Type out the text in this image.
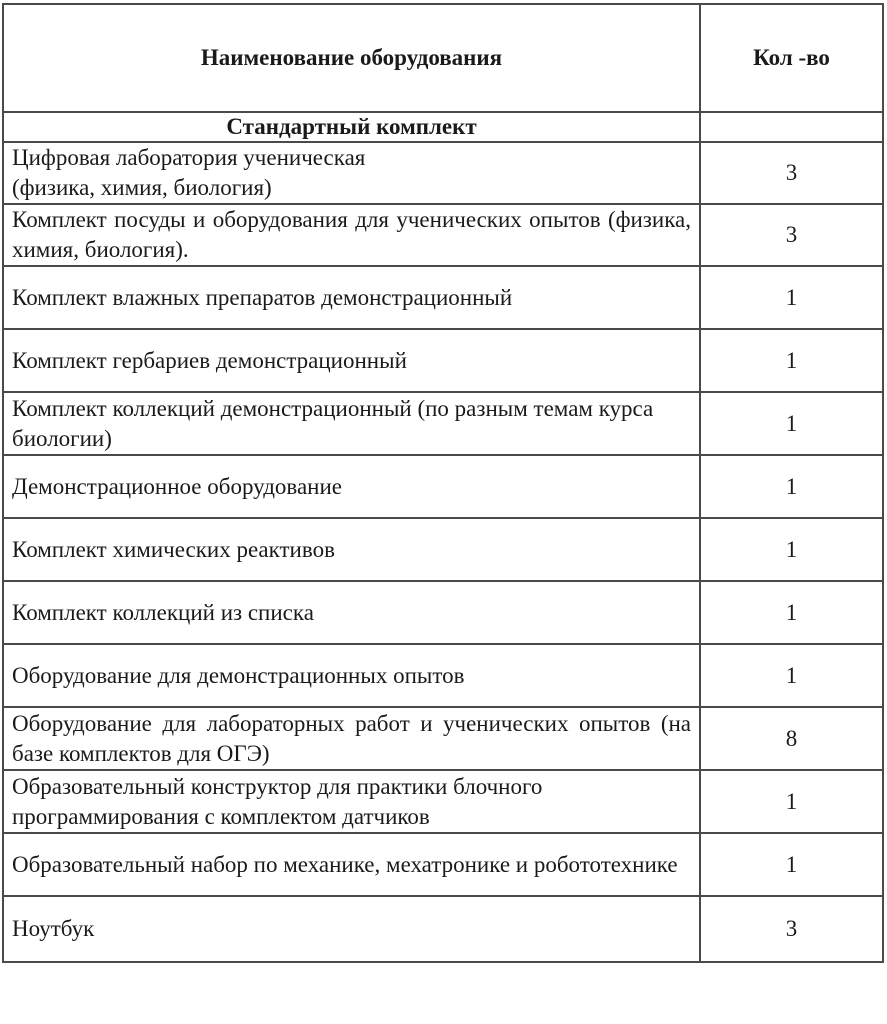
Наименование оборудования	Кол -во
Стандартный комплект	
Цифровая лаборатория ученическая
(физика, химия, биология)	3
Комплект посуды и оборудования для ученических опытов (физика, химия, биология).	3
Комплект влажных препаратов демонстрационный	1
Комплект гербариев демонстрационный	1
Комплект коллекций демонстрационный (по разным темам курса биологии)	1
Демонстрационное оборудование	1
Комплект химических реактивов	1
Комплект коллекций из списка	1
Оборудование для демонстрационных опытов	1
Оборудование для лабораторных работ и ученических опытов (на базе комплектов для ОГЭ)	8
Образовательный конструктор для практики блочного программирования с комплектом датчиков	1
Образовательный набор по механике, мехатронике и робототехнике	1
Ноутбук	3
